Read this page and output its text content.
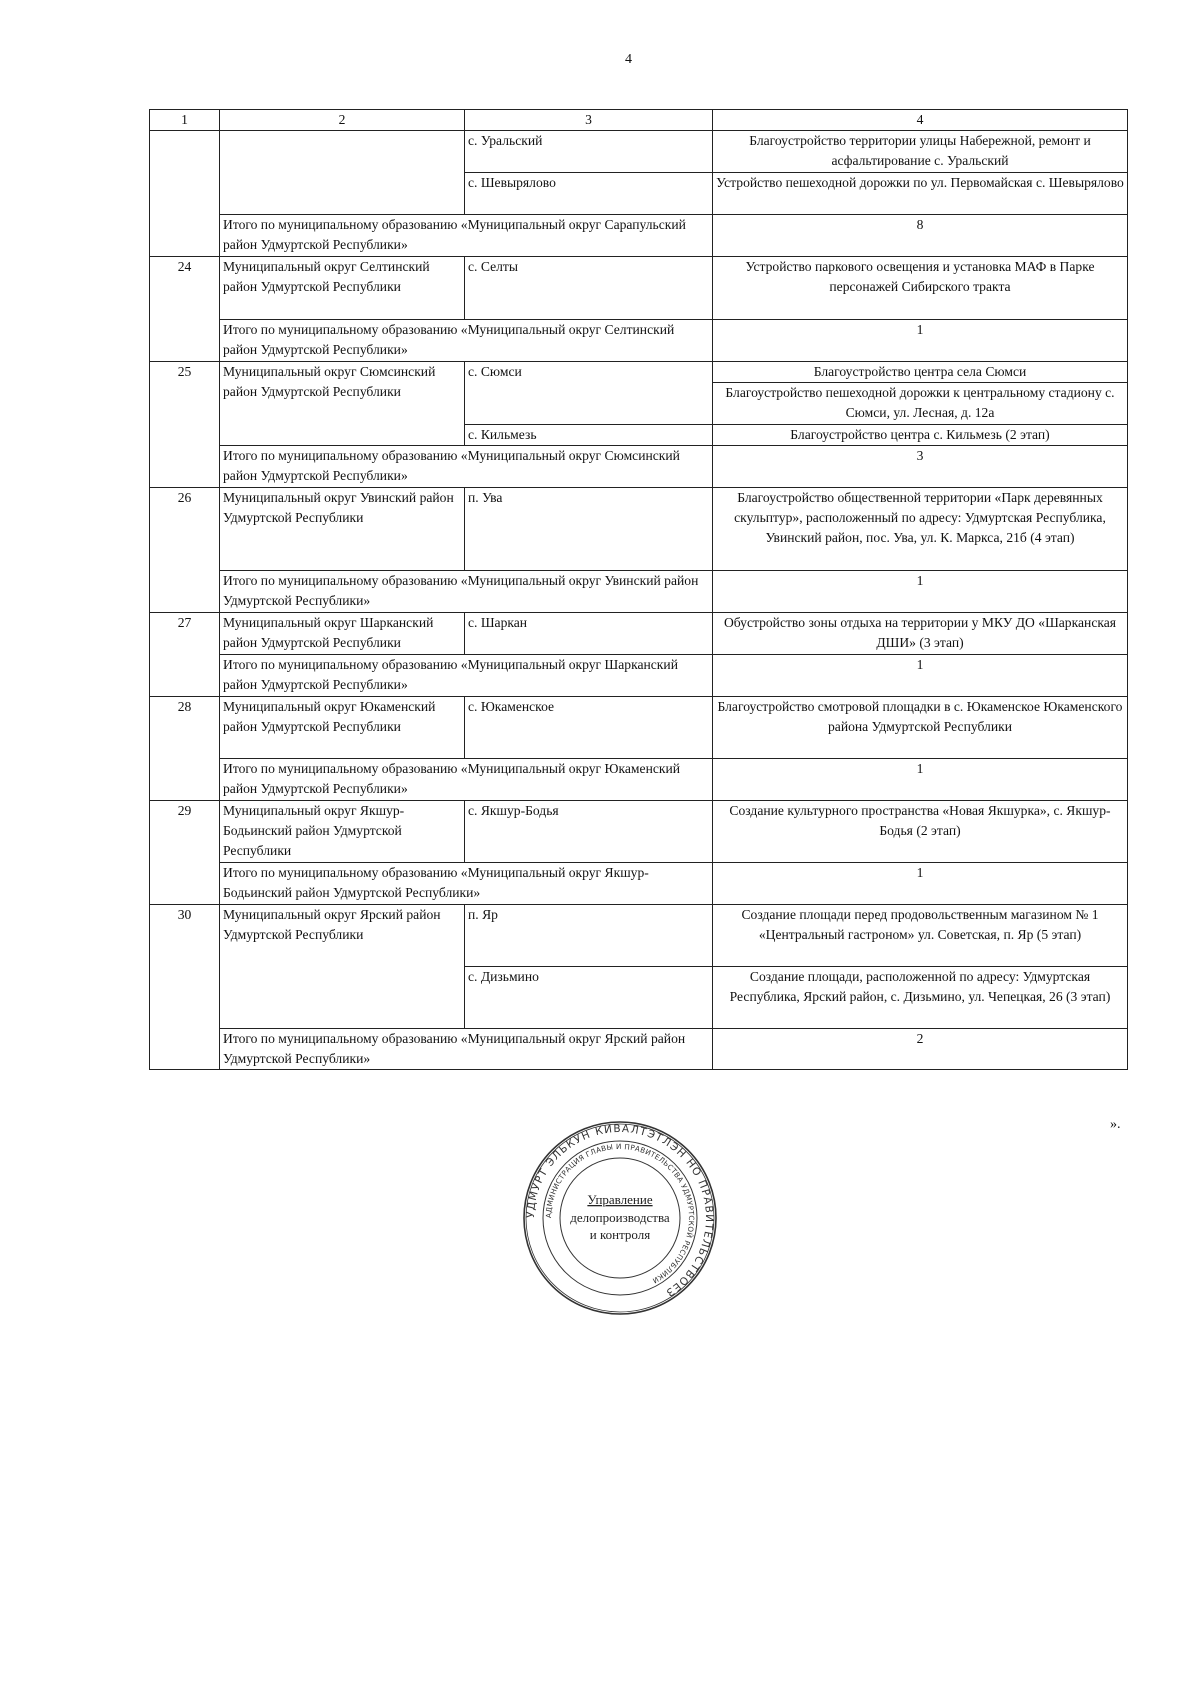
4
1	2	3	4
		с. Уральский	Благоустройство территории улицы Набережной, ремонт и асфальтирование с. Уральский
		с. Шевырялово	Устройство пешеходной дорожки по ул. Первомайская с. Шевырялово
	Итого по муниципальному образованию «Муниципальный округ Сарапульский район Удмуртской Республики»		8
24	Муниципальный округ Селтинский район Удмуртской Республики	с. Селты	Устройство паркового освещения и установка МАФ в Парке персонажей Сибирского тракта
	Итого по муниципальному образованию «Муниципальный округ Селтинский район Удмуртской Республики»		1
25	Муниципальный округ Сюмсинский район Удмуртской Республики	с. Сюмси	Благоустройство центра села Сюмси
			Благоустройство пешеходной дорожки к центральному стадиону с. Сюмси, ул. Лесная, д. 12а
		с. Кильмезь	Благоустройство центра с. Кильмезь (2 этап)
	Итого по муниципальному образованию «Муниципальный округ Сюмсинский район Удмуртской Республики»		3
26	Муниципальный округ Увинский район Удмуртской Республики	п. Ува	Благоустройство общественной территории «Парк деревянных скульптур», расположенный по адресу: Удмуртская Республика, Увинский район, пос. Ува, ул. К. Маркса, 21б (4 этап)
	Итого по муниципальному образованию «Муниципальный округ Увинский район Удмуртской Республики»		1
27	Муниципальный округ Шарканский район Удмуртской Республики	с. Шаркан	Обустройство зоны отдыха на территории у МКУ ДО «Шарканская ДШИ» (3 этап)
	Итого по муниципальному образованию «Муниципальный округ Шарканский район Удмуртской Республики»		1
28	Муниципальный округ Юкаменский район Удмуртской Республики	с. Юкаменское	Благоустройство смотровой площадки в с. Юкаменское Юкаменского района Удмуртской Республики
	Итого по муниципальному образованию «Муниципальный округ Юкаменский район Удмуртской Республики»		1
29	Муниципальный округ Якшур-Бодьинский район Удмуртской Республики	с. Якшур-Бодья	Создание культурного пространства «Новая Якшурка», с. Якшур-Бодья (2 этап)
	Итого по муниципальному образованию «Муниципальный округ Якшур-Бодьинский район Удмуртской Республики»		1
30	Муниципальный округ Ярский район Удмуртской Республики	п. Яр	Создание площади перед продовольственным магазином № 1 «Центральный гастроном» ул. Советская, п. Яр (5 этап)
		с. Дизьмино	Создание площади, расположенной по адресу: Удмуртская Республика, Ярский район, с. Дизьмино, ул. Чепецкая, 26 (3 этап)
	Итого по муниципальному образованию «Муниципальный округ Ярский район Удмуртской Республики»		2
».
УДМУРТ ЭЛЬКУН КИВАЛТЭТЛЭН НО ПРАВИТЕЛЬСТВОЕЗ
АДМИНИСТРАЦИЯ ГЛАВЫ И ПРАВИТЕЛЬСТВА УДМУРТСКОЙ РЕСПУБЛИКИ
Управление
делопроизводства
и контроля
